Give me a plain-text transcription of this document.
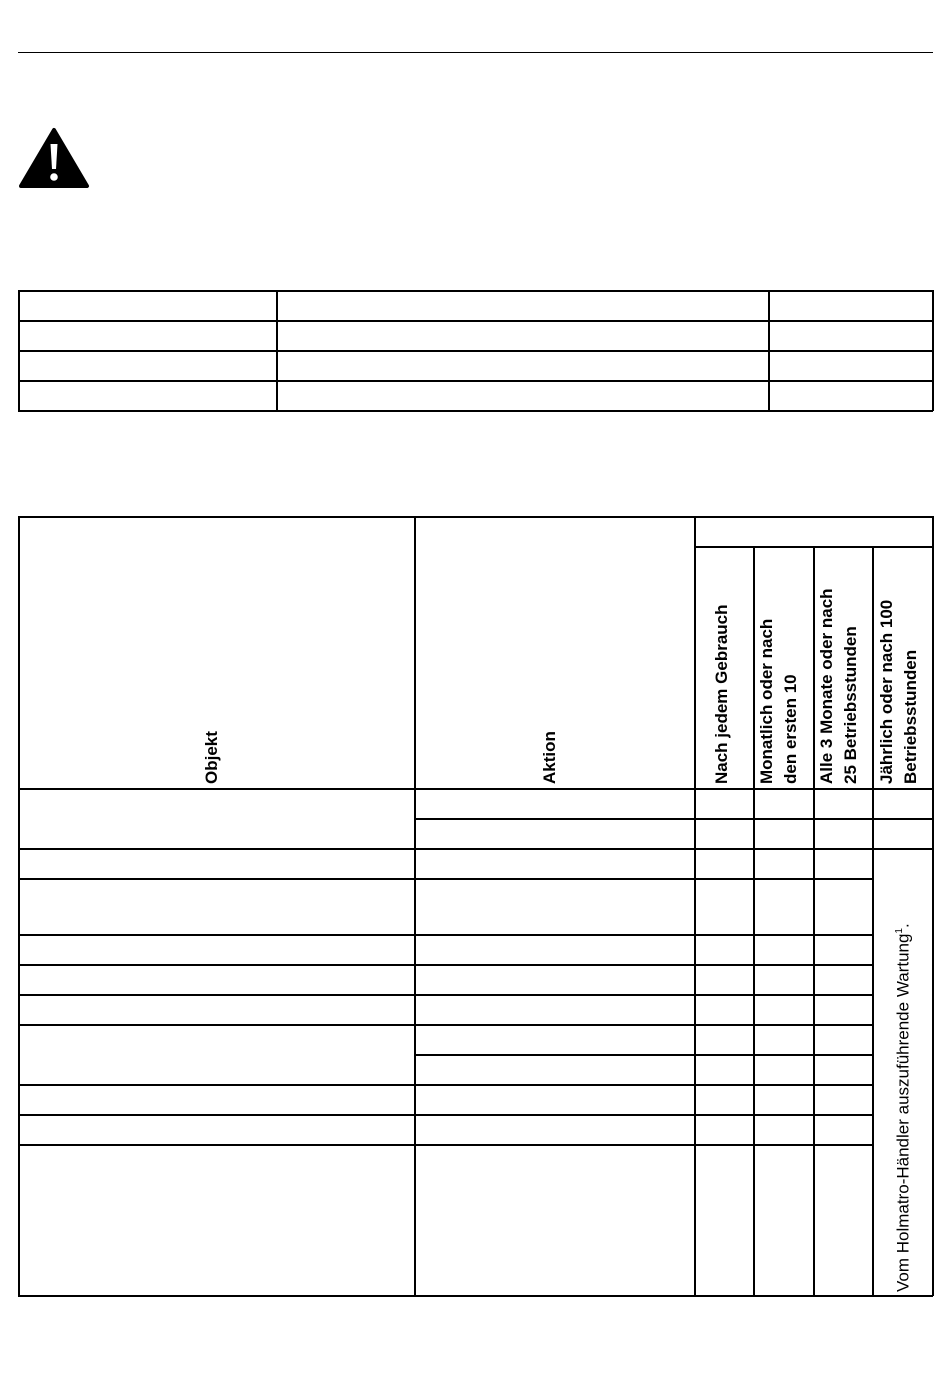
Objekt	Aktion	Nach jedem Gebrauch Monatlich oder nach den ersten 10 Alle 3 Monate oder nach 25 Betriebsstunden Jährlich oder nach 100 Betriebsstunden
Vom Holmatro-Händler auszuführende Wartung$^1$.
